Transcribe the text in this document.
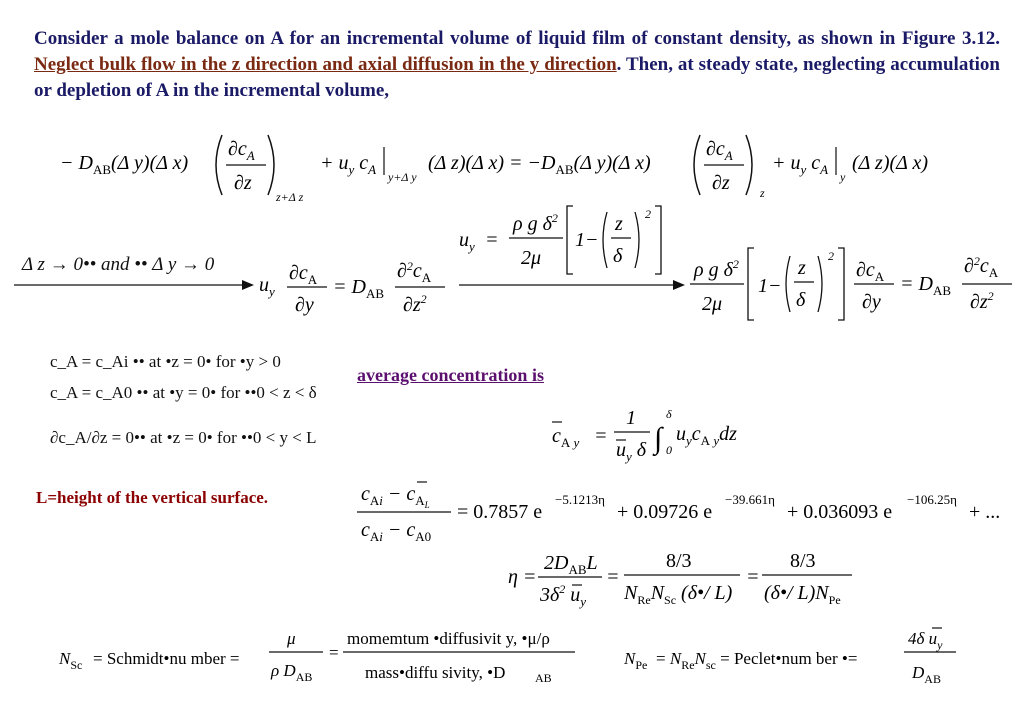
Consider a mole balance on A for an incremental volume of liquid film of constant density, as shown in Figure 3.12. Neglect bulk flow in the z direction and axial diffusion in the y direction. Then, at steady state, neglecting accumulation or depletion of A in the incremental volume,
− $D_{AB}(\Delta$ y)(Δ x)
$\partial c_A$
∂z
z+Δ z
+ $u_y$ $c_A$ y+Δ y
(Δ z)(Δ $x) = -D_{AB}(\Delta$ y)(Δ x)
$\partial c_A$
∂z	z
+ $u_y$ $c_A$ y
(Δ z)(Δ x)
Δ z → 0•• and •• Δ y → 0
$u_y$
$\partial c_A$
∂y
= $D_{AB}$
$\partial^2c_A$
$\partial z^2$
$u_y$ =
ρ g $\delta^2$
2μ
1−
z
δ
2
ρ g $\delta^2$
2μ
1−
z
δ
2
$\partial c_A$
∂y
= $D_{AB}$
$\partial^2c_A$
$\partial z^2$
c_A = c_Ai •• at •z = 0• for •y > 0
c_A = c_A0 •• at •y = 0• for ••0 < z < δ
∂c_A/∂z = 0•• at •z = 0• for ••0 < y < L
average concentration is
L=height of the vertical surface.
$c_A$ y =
1
$u_y$ δ ∫
δ
0
$u_yc_A$ ydz
$c_Ai - c_AL$
$c_Ai - c_{A0}$
= 0.7857 e
−5.1213η
+ 0.09726 e
−39.661η
+ 0.036093 e
−106.25η
+ ...
η =
$2D_{AB}L$
$3\delta^2$ $u_y$
=
8/3
$N_{Re}N_{Sc}$ (δ•/ L)
=
8/3
(δ•/ $L)N_{Pe}$
$N_{Sc}$ = Schmidt•nu mber =
μ
ρ $D_{AB}$
=
momemtum •diffusivit y, •μ/ρ
mass•diffu sivity, •D AB
$N_{Pe} = N_{Re}N_{sc}$ = Peclet•num ber •=
4δ $u_y$
$D_{AB}$
